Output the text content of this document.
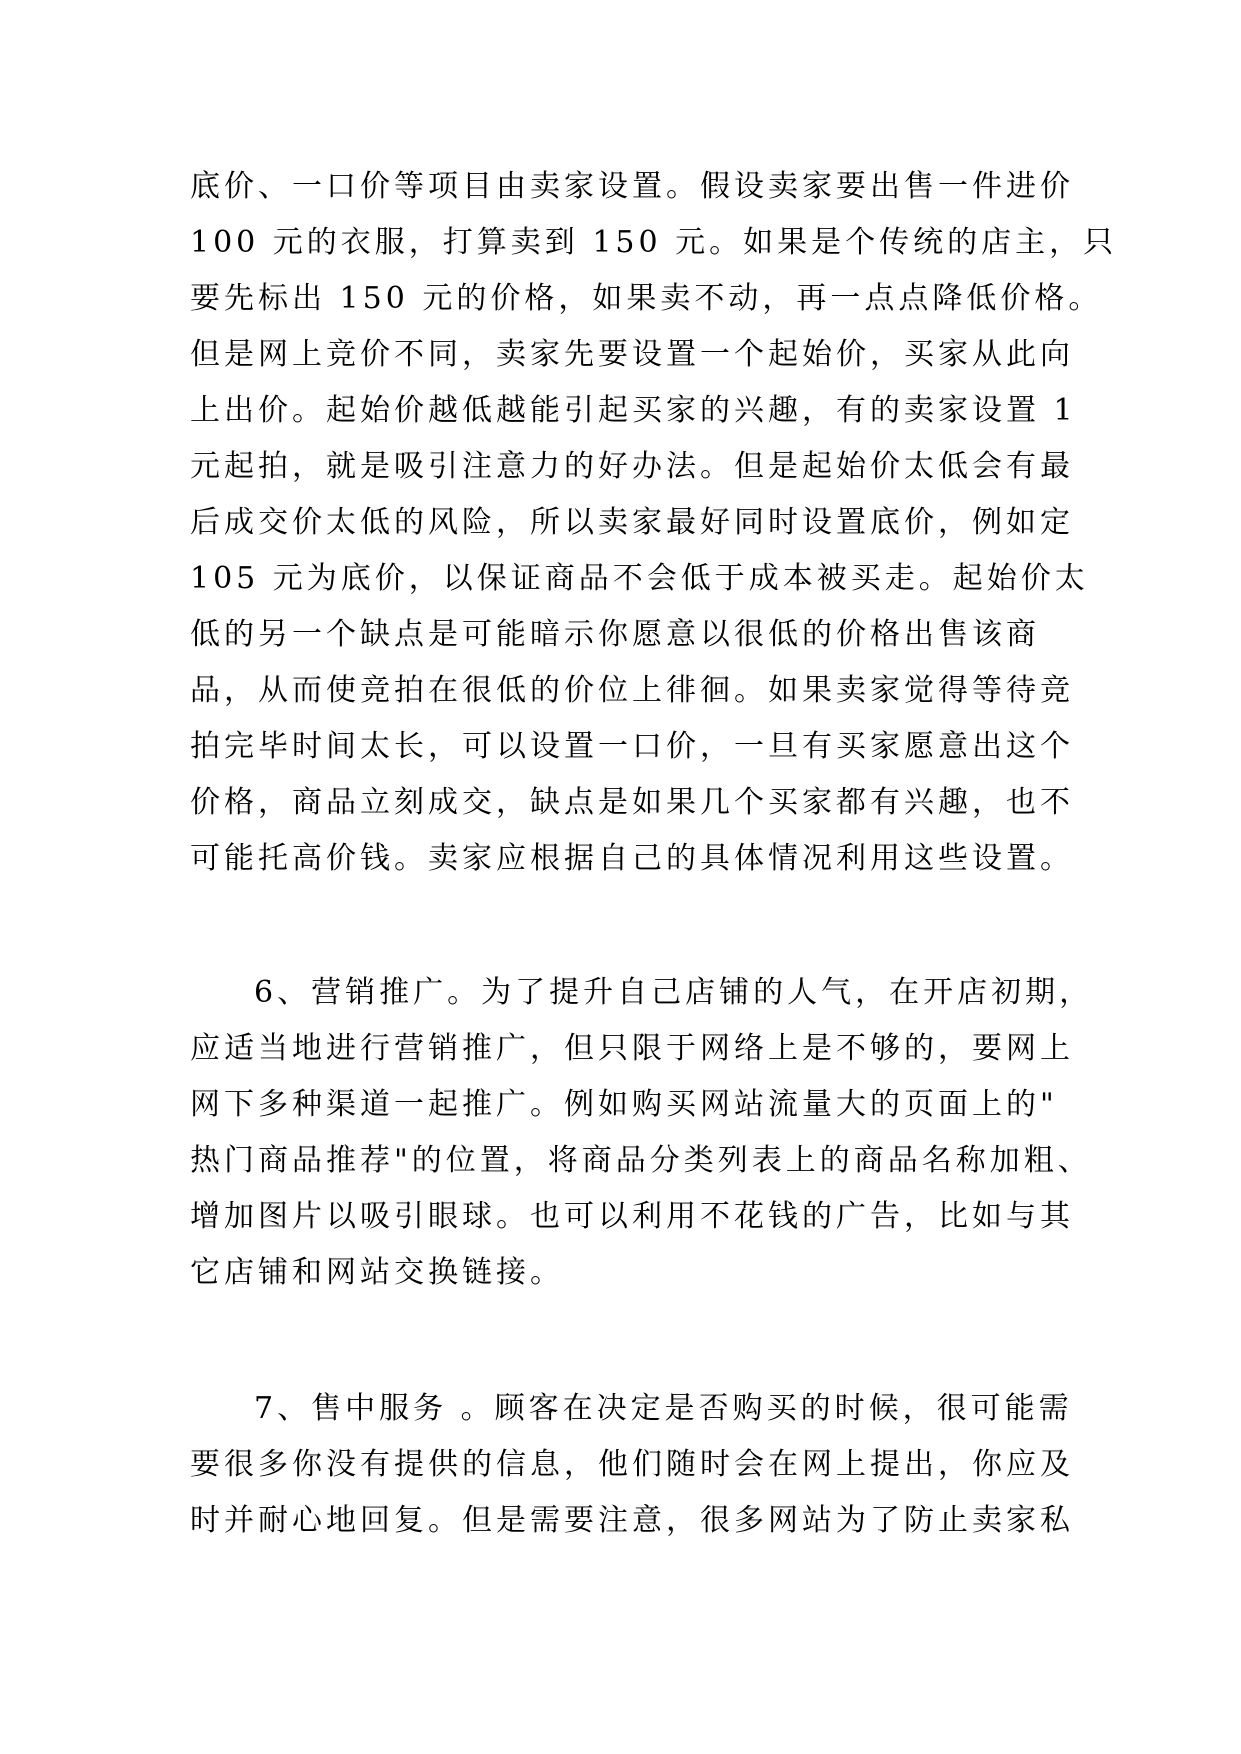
底价、一口价等项目由卖家设置。假设卖家要出售一件进价
100 元的衣服，打算卖到 150 元。如果是个传统的店主，只
要先标出 150 元的价格，如果卖不动，再一点点降低价格。
但是网上竞价不同，卖家先要设置一个起始价，买家从此向
上出价。起始价越低越能引起买家的兴趣，有的卖家设置 1
元起拍，就是吸引注意力的好办法。但是起始价太低会有最
后成交价太低的风险，所以卖家最好同时设置底价，例如定
105 元为底价，以保证商品不会低于成本被买走。起始价太
低的另一个缺点是可能暗示你愿意以很低的价格出售该商
品，从而使竞拍在很低的价位上徘徊。如果卖家觉得等待竞
拍完毕时间太长，可以设置一口价，一旦有买家愿意出这个
价格，商品立刻成交，缺点是如果几个买家都有兴趣，也不
可能托高价钱。卖家应根据自己的具体情况利用这些设置。
6、营销推广。为了提升自己店铺的人气，在开店初期，
应适当地进行营销推广，但只限于网络上是不够的，要网上
网下多种渠道一起推广。例如购买网站流量大的页面上的"
热门商品推荐"的位置，将商品分类列表上的商品名称加粗、
增加图片以吸引眼球。也可以利用不花钱的广告，比如与其
它店铺和网站交换链接。
7、售中服务 。顾客在决定是否购买的时候，很可能需
要很多你没有提供的信息，他们随时会在网上提出，你应及
时并耐心地回复。但是需要注意，很多网站为了防止卖家私
